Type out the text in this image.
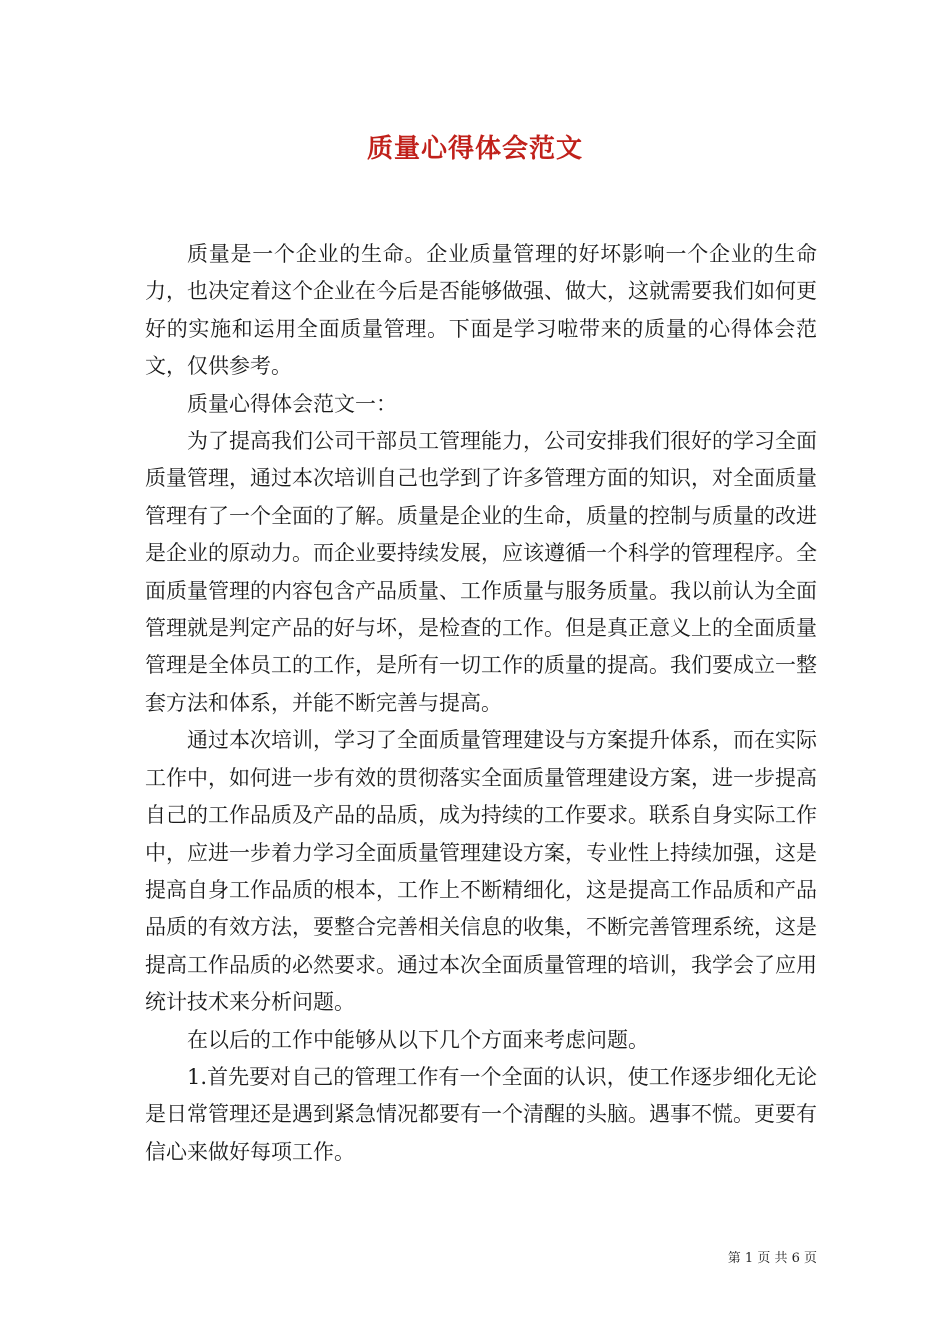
质量心得体会范文

质量是一个企业的生命。企业质量管理的好坏影响一个企业的生命力，也决定着这个企业在今后是否能够做强、做大，这就需要我们如何更好的实施和运用全面质量管理。下面是学习啦带来的质量的心得体会范文，仅供参考。

质量心得体会范文一：

为了提高我们公司干部员工管理能力，公司安排我们很好的学习全面质量管理，通过本次培训自己也学到了许多管理方面的知识，对全面质量管理有了一个全面的了解。质量是企业的生命，质量的控制与质量的改进是企业的原动力。而企业要持续发展，应该遵循一个科学的管理程序。全面质量管理的内容包含产品质量、工作质量与服务质量。我以前认为全面管理就是判定产品的好与坏，是检查的工作。但是真正意义上的全面质量管理是全体员工的工作，是所有一切工作的质量的提高。我们要成立一整套方法和体系，并能不断完善与提高。

通过本次培训，学习了全面质量管理建设与方案提升体系，而在实际工作中，如何进一步有效的贯彻落实全面质量管理建设方案，进一步提高自己的工作品质及产品的品质，成为持续的工作要求。联系自身实际工作中，应进一步着力学习全面质量管理建设方案，专业性上持续加强，这是提高自身工作品质的根本，工作上不断精细化，这是提高工作品质和产品品质的有效方法，要整合完善相关信息的收集，不断完善管理系统，这是提高工作品质的必然要求。通过本次全面质量管理的培训，我学会了应用统计技术来分析问题。

在以后的工作中能够从以下几个方面来考虑问题。

1.首先要对自己的管理工作有一个全面的认识，使工作逐步细化无论是日常管理还是遇到紧急情况都要有一个清醒的头脑。遇事不慌。更要有信心来做好每项工作。

第 1 页 共 6 页
